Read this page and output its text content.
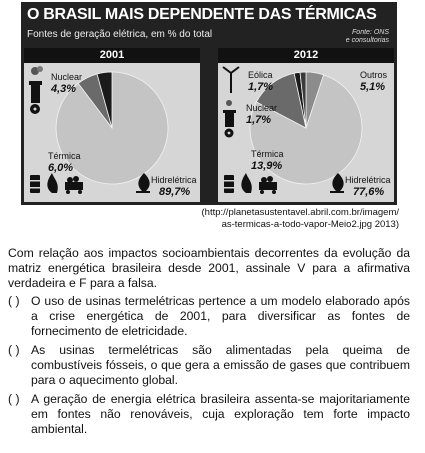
O BRASIL MAIS DEPENDENTE DAS TÉRMICAS
Fontes de geração elétrica, em % do total	Fonte: ONS
e consultorias
2001
Nuclear
4,3%
Térmica
6,0%
Hidrelétrica
89,7%
2012
Eólica
1,7%
Nuclear
1,7%
Térmica
13,9%
Outros
5,1%
Hidrelétrica
77,6%
(http://planetasustentavel.abril.com.br/imagem/
as-termicas-a-todo-vapor-Meio2.jpg 2013)

Com relação aos impactos socioambientais decorrentes da evolução da matriz energética brasileira desde 2001, assinale V para a afirmativa verdadeira e F para a falsa.

( ) O uso de usinas termelétricas pertence a um modelo elaborado após a crise energética de 2001, para diversificar as fontes de fornecimento de eletricidade.
( ) As usinas termelétricas são alimentadas pela queima de combustíveis fósseis, o que gera a emissão de gases que contribuem para o aquecimento global.
( ) A geração de energia elétrica brasileira assenta-se majoritariamente em fontes não renováveis, cuja exploração tem forte impacto ambiental.
